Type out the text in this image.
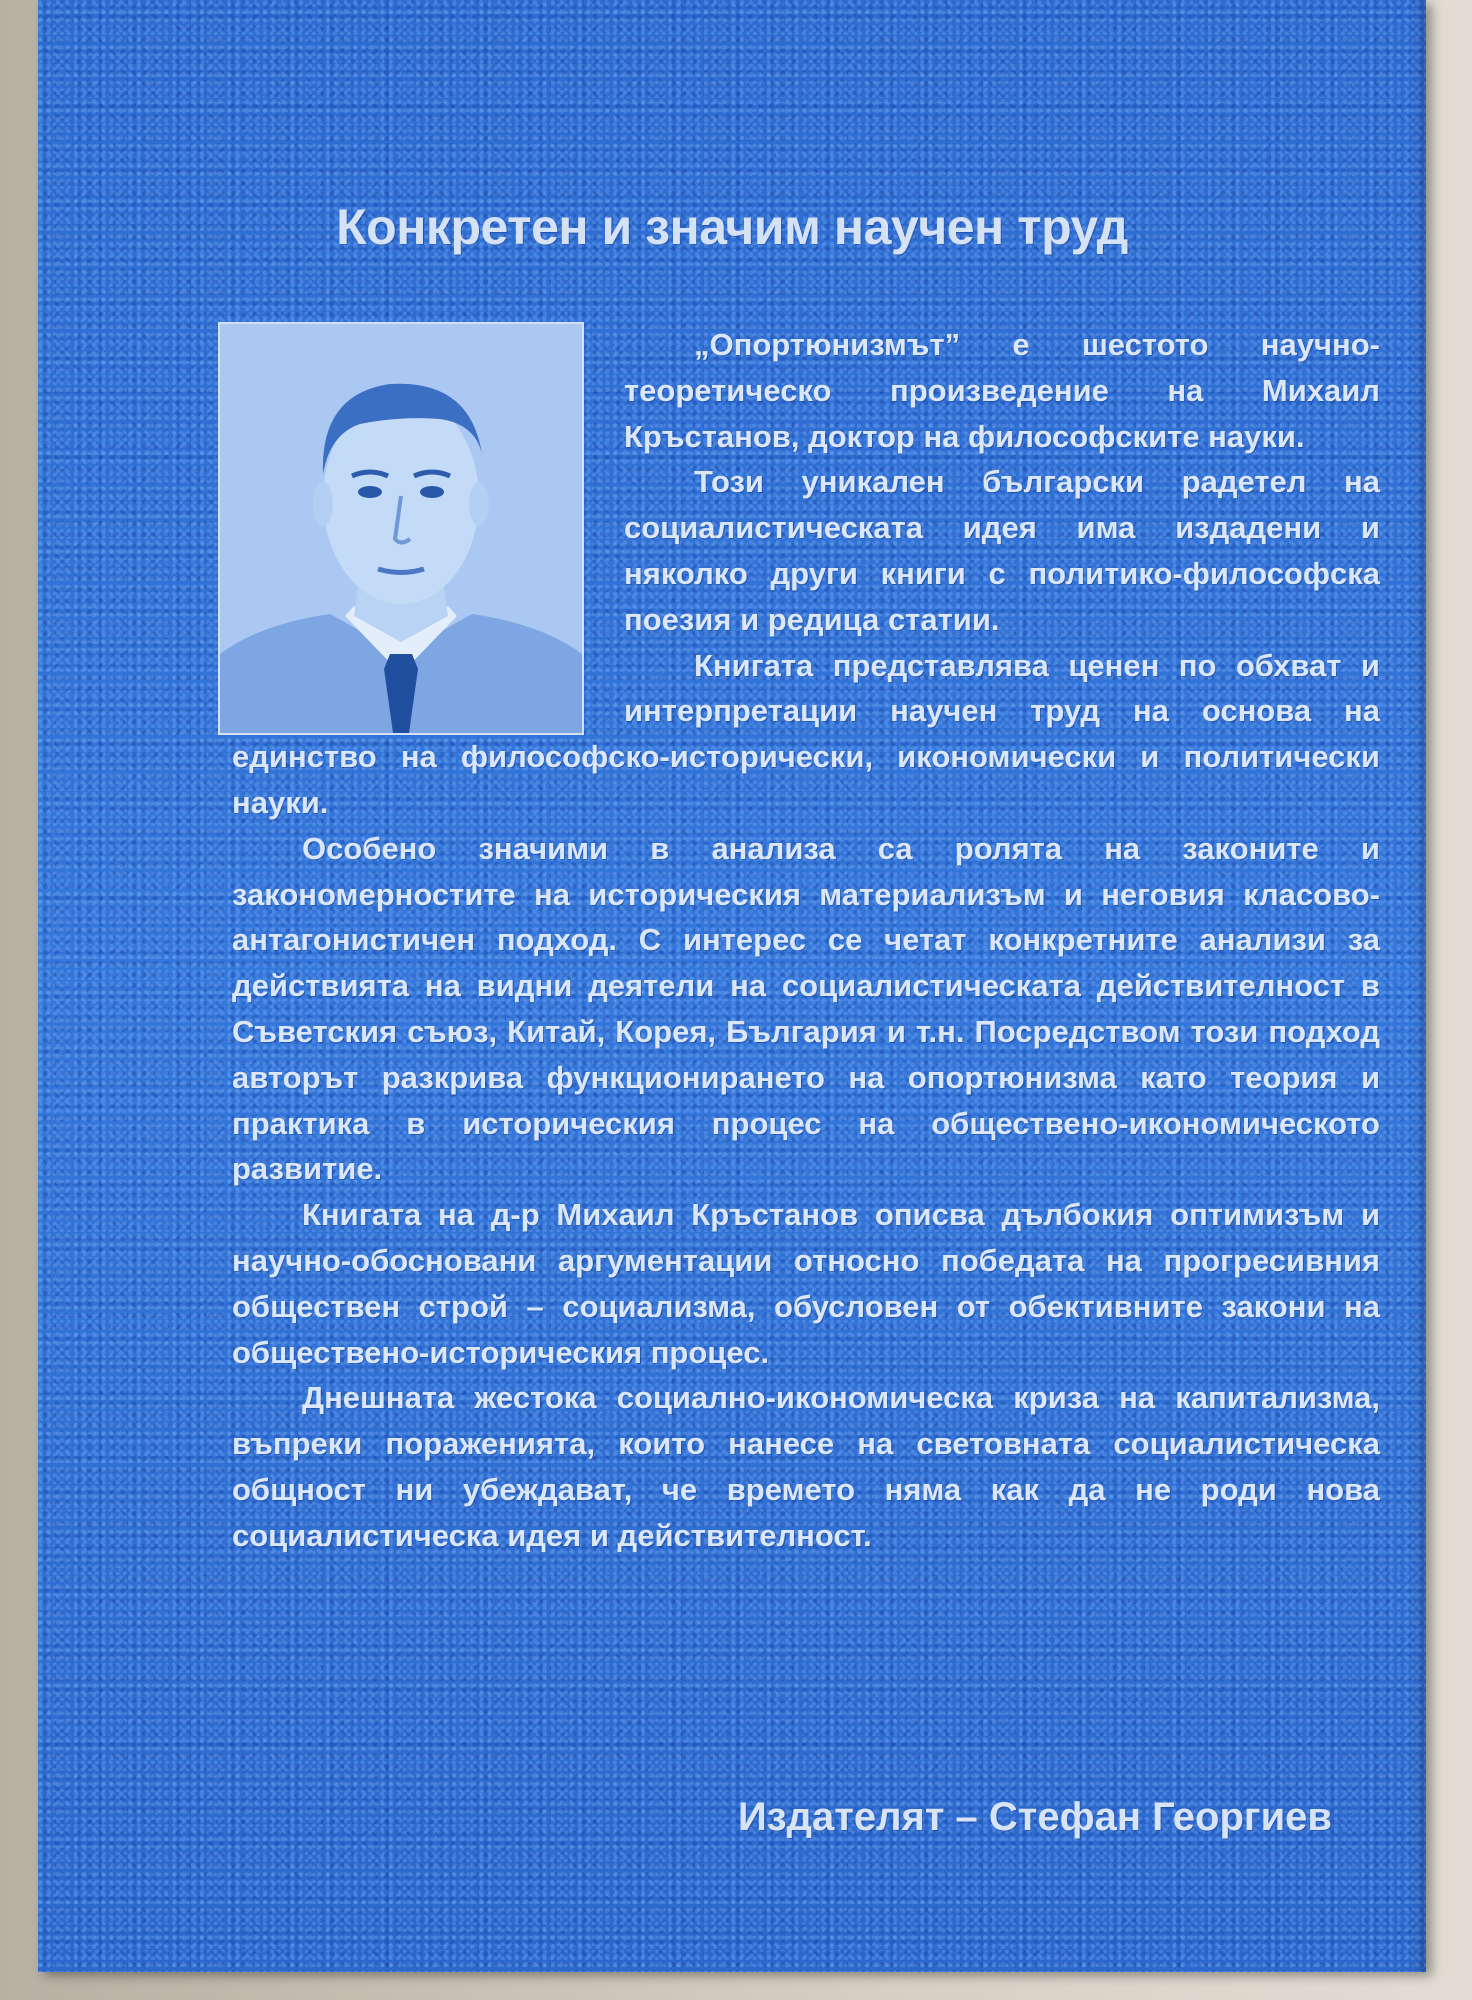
Конкретен и значим научен труд

„Опортюнизмът” е шестото научно-теоретическо произведение на Михаил Кръстанов, доктор на философските науки.

Този уникален български радетел на социалистическата идея има издадени и няколко други книги с политико-философска поезия и редица статии.

Книгата представлява ценен по обхват и интерпретации научен труд на основа на единство на философско-исторически, икономически и политически науки.

Особено значими в анализа са ролята на законите и закономерностите на историческия материализъм и неговия класово-антагонистичен подход. С интерес се четат конкретните анализи за действията на видни деятели на социалистическата действителност в Съветския съюз, Китай, Корея, България и т.н. Посредством този подход авторът разкрива функционирането на опортюнизма като теория и практика в историческия процес на обществено-икономическото развитие.

Книгата на д-р Михаил Кръстанов описва дълбокия оптимизъм и научно-обосновани аргументации относно победата на прогресивния обществен строй – социализма, обусловен от обективните закони на обществено-историческия процес.

Днешната жестока социално-икономическа криза на капитализма, въпреки пораженията, които нанесе на световната социалистическа общност ни убеждават, че времето няма как да не роди нова социалистическа идея и действителност.

Издателят – Стефан Георгиев
